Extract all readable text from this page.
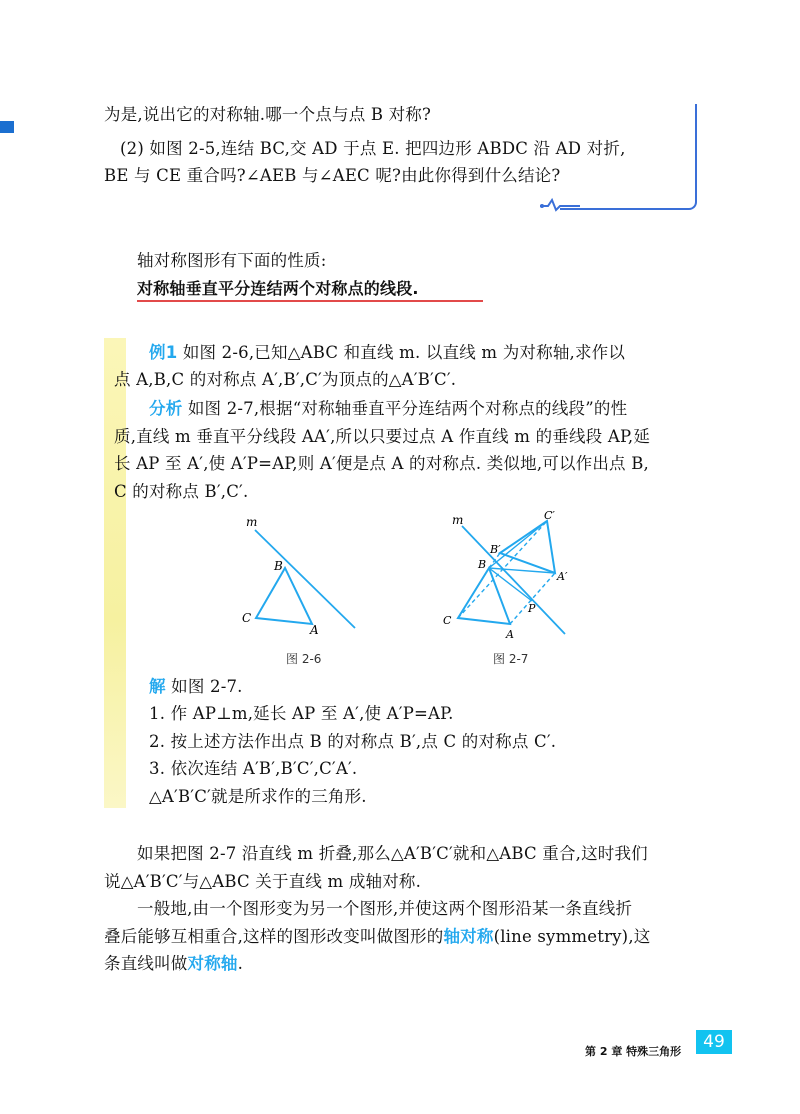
为是,说出它的对称轴.哪一个点与点 B 对称?
(2) 如图 2-5,连结 BC,交 AD 于点 E. 把四边形 ABDC 沿 AD 对折,
BE 与 CE 重合吗?∠AEB 与∠AEC 呢?由此你得到什么结论?
轴对称图形有下面的性质:
对称轴垂直平分连结两个对称点的线段.
例1 如图 2-6,已知△ABC 和直线 m. 以直线 m 为对称轴,求作以
点 A,B,C 的对称点 A′,B′,C′为顶点的△A′B′C′.
分析 如图 2-7,根据“对称轴垂直平分连结两个对称点的线段”的性
质,直线 m 垂直平分线段 AA′,所以只要过点 A 作直线 m 的垂线段 AP,延
长 AP 至 A′,使 A′P=AP,则 A′便是点 A 的对称点. 类似地,可以作出点 B,
C 的对称点 B′,C′.
m
B
C
A
图 2-6
m	C′
B′
B
A′
P
C
A
图 2-7
解 如图 2-7.
1. 作 AP⊥m,延长 AP 至 A′,使 A′P=AP.
2. 按上述方法作出点 B 的对称点 B′,点 C 的对称点 C′.
3. 依次连结 A′B′,B′C′,C′A′.
△A′B′C′就是所求作的三角形.
如果把图 2-7 沿直线 m 折叠,那么△A′B′C′就和△ABC 重合,这时我们
说△A′B′C′与△ABC 关于直线 m 成轴对称.
一般地,由一个图形变为另一个图形,并使这两个图形沿某一条直线折
叠后能够互相重合,这样的图形改变叫做图形的轴对称(line symmetry),这
条直线叫做对称轴.
第 2 章 特殊三角形	49
